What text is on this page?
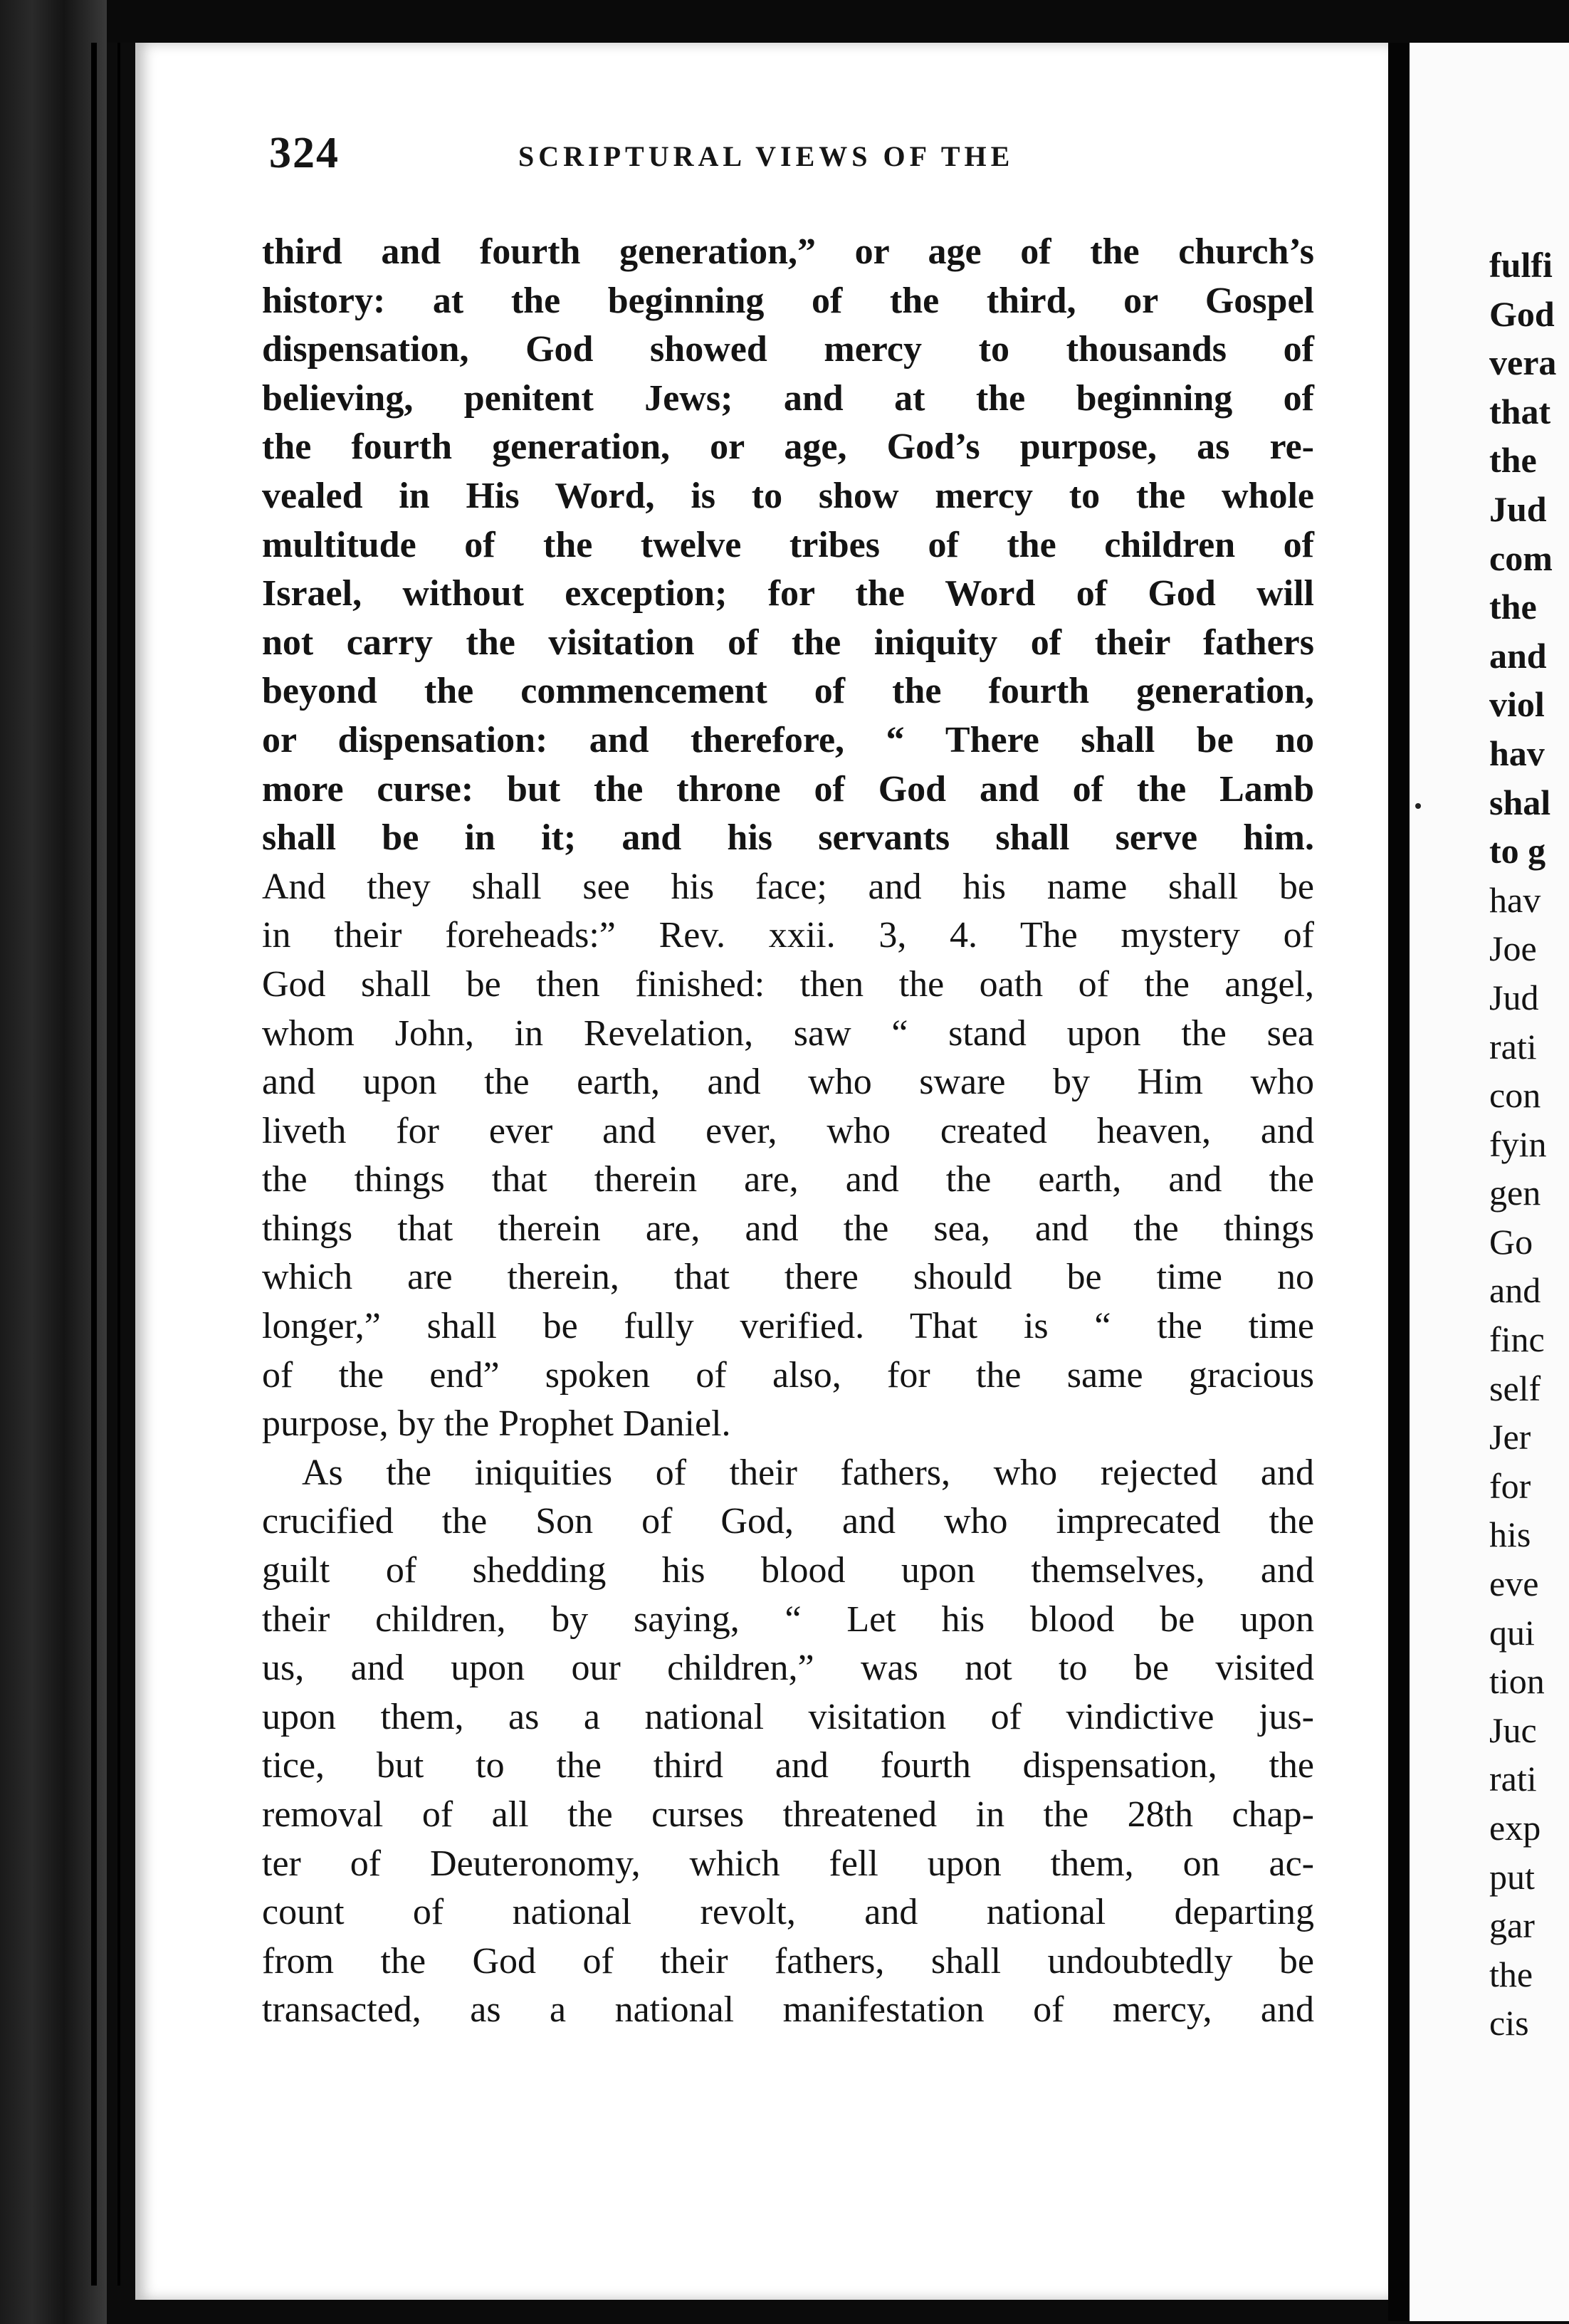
324	SCRIPTURAL VIEWS OF THE
third and fourth generation,” or age of the church’s
history: at the beginning of the third, or Gospel
dispensation, God showed mercy to thousands of
believing, penitent Jews; and at the beginning of
the fourth generation, or age, God’s purpose, as re-
vealed in His Word, is to show mercy to the whole
multitude of the twelve tribes of the children of
Israel, without exception; for the Word of God will
not carry the visitation of the iniquity of their fathers
beyond the commencement of the fourth generation,
or dispensation: and therefore, “ There shall be no
more curse: but the throne of God and of the Lamb
shall be in it; and his servants shall serve him.
And they shall see his face; and his name shall be
in their foreheads:” Rev. xxii. 3, 4. The mystery of
God shall be then finished: then the oath of the angel,
whom John, in Revelation, saw “ stand upon the sea
and upon the earth, and who sware by Him who
liveth for ever and ever, who created heaven, and
the things that therein are, and the earth, and the
things that therein are, and the sea, and the things
which are therein, that there should be time no
longer,” shall be fully verified. That is “ the time
of the end” spoken of also, for the same gracious
purpose, by the Prophet Daniel.
As the iniquities of their fathers, who rejected and
crucified the Son of God, and who imprecated the
guilt of shedding his blood upon themselves, and
their children, by saying, “ Let his blood be upon
us, and upon our children,” was not to be visited
upon them, as a national visitation of vindictive jus-
tice, but to the third and fourth dispensation, the
removal of all the curses threatened in the 28th chap-
ter of Deuteronomy, which fell upon them, on ac-
count of national revolt, and national departing
from the God of their fathers, shall undoubtedly be
transacted, as a national manifestation of mercy, and
fulfi
God
vera
that
the
Jud
com
the
and
viol
hav
shal
to g
hav
Joe
Jud
rati
con
fyin
gen
Go
and
finc
self
Jer
for
his
eve
qui
tion
Juc
rati
exp
put
gar
the
cis
